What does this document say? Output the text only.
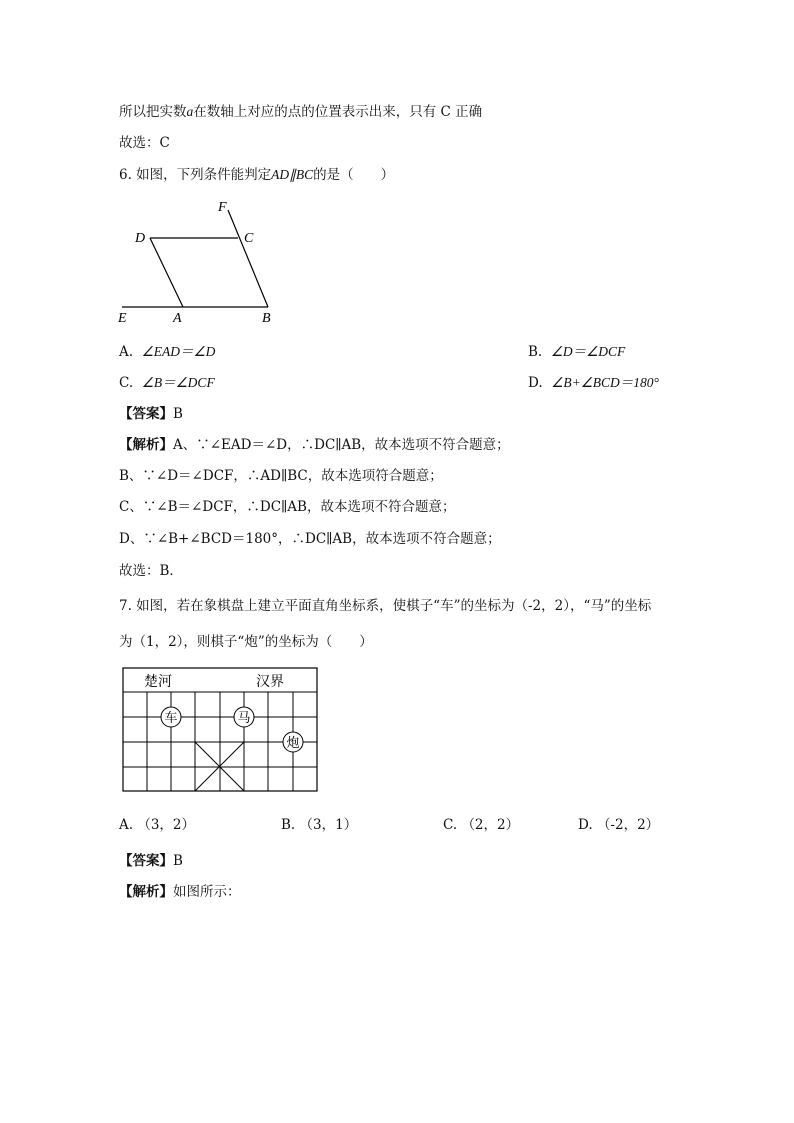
所以把实数a在数轴上对应的点的位置表示出来，只有 C 正确
故选：C
6. 如图，下列条件能判定AD∥BC的是（　　）
F
D	C
E	A	B
A. ∠EAD＝∠D	B. ∠D＝∠DCF
C. ∠B＝∠DCF	D. ∠B+∠BCD＝180°
【答案】B
【解析】A、∵∠EAD＝∠D，∴DC∥AB，故本选项不符合题意；
B、∵∠D＝∠DCF，∴AD∥BC，故本选项符合题意；
C、∵∠B＝∠DCF，∴DC∥AB，故本选项不符合题意；
D、∵∠B+∠BCD＝180°，∴DC∥AB，故本选项不符合题意；
故选：B．
7. 如图，若在象棋盘上建立平面直角坐标系，使棋子“车”的坐标为（-2，2），“马”的坐标
为（1，2），则棋子“炮”的坐标为（　　）
楚河	汉界
车	马
炮
A. （3，2）	B. （3，1）	C. （2，2）	D. （-2，2）
【答案】B
【解析】如图所示：
